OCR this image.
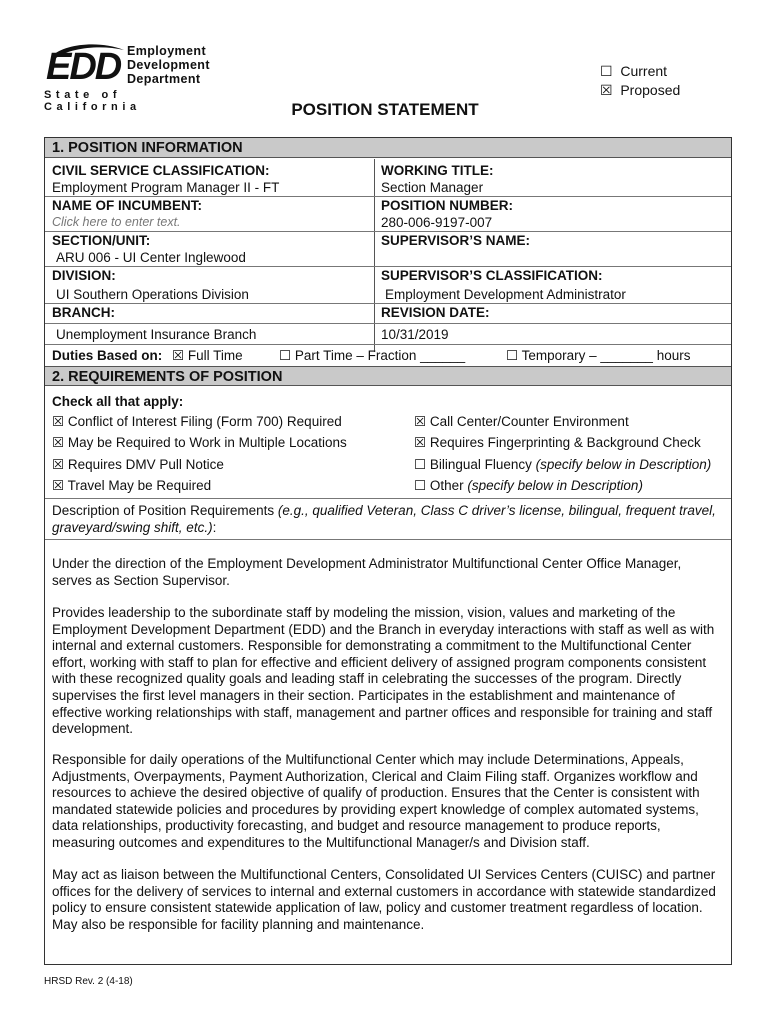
EDD Employment
Development
Department
State of California
☐ Current
☒ Proposed
POSITION STATEMENT
1. POSITION INFORMATION
CIVIL SERVICE CLASSIFICATION:	WORKING TITLE:
Employment Program Manager II - FT	Section Manager
NAME OF INCUMBENT:	POSITION NUMBER:
Click here to enter text.	280-006-9197-007
SECTION/UNIT:	SUPERVISOR’S NAME:
ARU 006 - UI Center Inglewood
DIVISION:	SUPERVISOR’S CLASSIFICATION:
UI Southern Operations Division	Employment Development Administrator
BRANCH:	REVISION DATE:
Unemployment Insurance Branch	10/31/2019
Duties Based on: ☒ Full Time	☐ Part Time – Fraction ______	☐ Temporary – _______ hours
2. REQUIREMENTS OF POSITION
Check all that apply:
☒ Conflict of Interest Filing (Form 700) Required
☒ May be Required to Work in Multiple Locations
☒ Requires DMV Pull Notice
☒ Travel May be Required
☒ Call Center/Counter Environment
☒ Requires Fingerprinting & Background Check
☐ Bilingual Fluency (specify below in Description)
☐ Other (specify below in Description)
Description of Position Requirements (e.g., qualified Veteran, Class C driver’s license, bilingual, frequent travel, graveyard/swing shift, etc.):
Under the direction of the Employment Development Administrator Multifunctional Center Office Manager, serves as Section Supervisor.
Provides leadership to the subordinate staff by modeling the mission, vision, values and marketing of the Employment Development Department (EDD) and the Branch in everyday interactions with staff as well as with internal and external customers. Responsible for demonstrating a commitment to the Multifunctional Center effort, working with staff to plan for effective and efficient delivery of assigned program components consistent with these recognized quality goals and leading staff in celebrating the successes of the program. Directly supervises the first level managers in their section. Participates in the establishment and maintenance of effective working relationships with staff, management and partner offices and responsible for training and staff development.
Responsible for daily operations of the Multifunctional Center which may include Determinations, Appeals, Adjustments, Overpayments, Payment Authorization, Clerical and Claim Filing staff. Organizes workflow and resources to achieve the desired objective of qualify of production. Ensures that the Center is consistent with mandated statewide policies and procedures by providing expert knowledge of complex automated systems, data relationships, productivity forecasting, and budget and resource management to produce reports, measuring outcomes and expenditures to the Multifunctional Manager/s and Division staff.
May act as liaison between the Multifunctional Centers, Consolidated UI Services Centers (CUISC) and partner offices for the delivery of services to internal and external customers in accordance with statewide standardized policy to ensure consistent statewide application of law, policy and customer treatment regardless of location. May also be responsible for facility planning and maintenance.
HRSD Rev. 2 (4-18)
